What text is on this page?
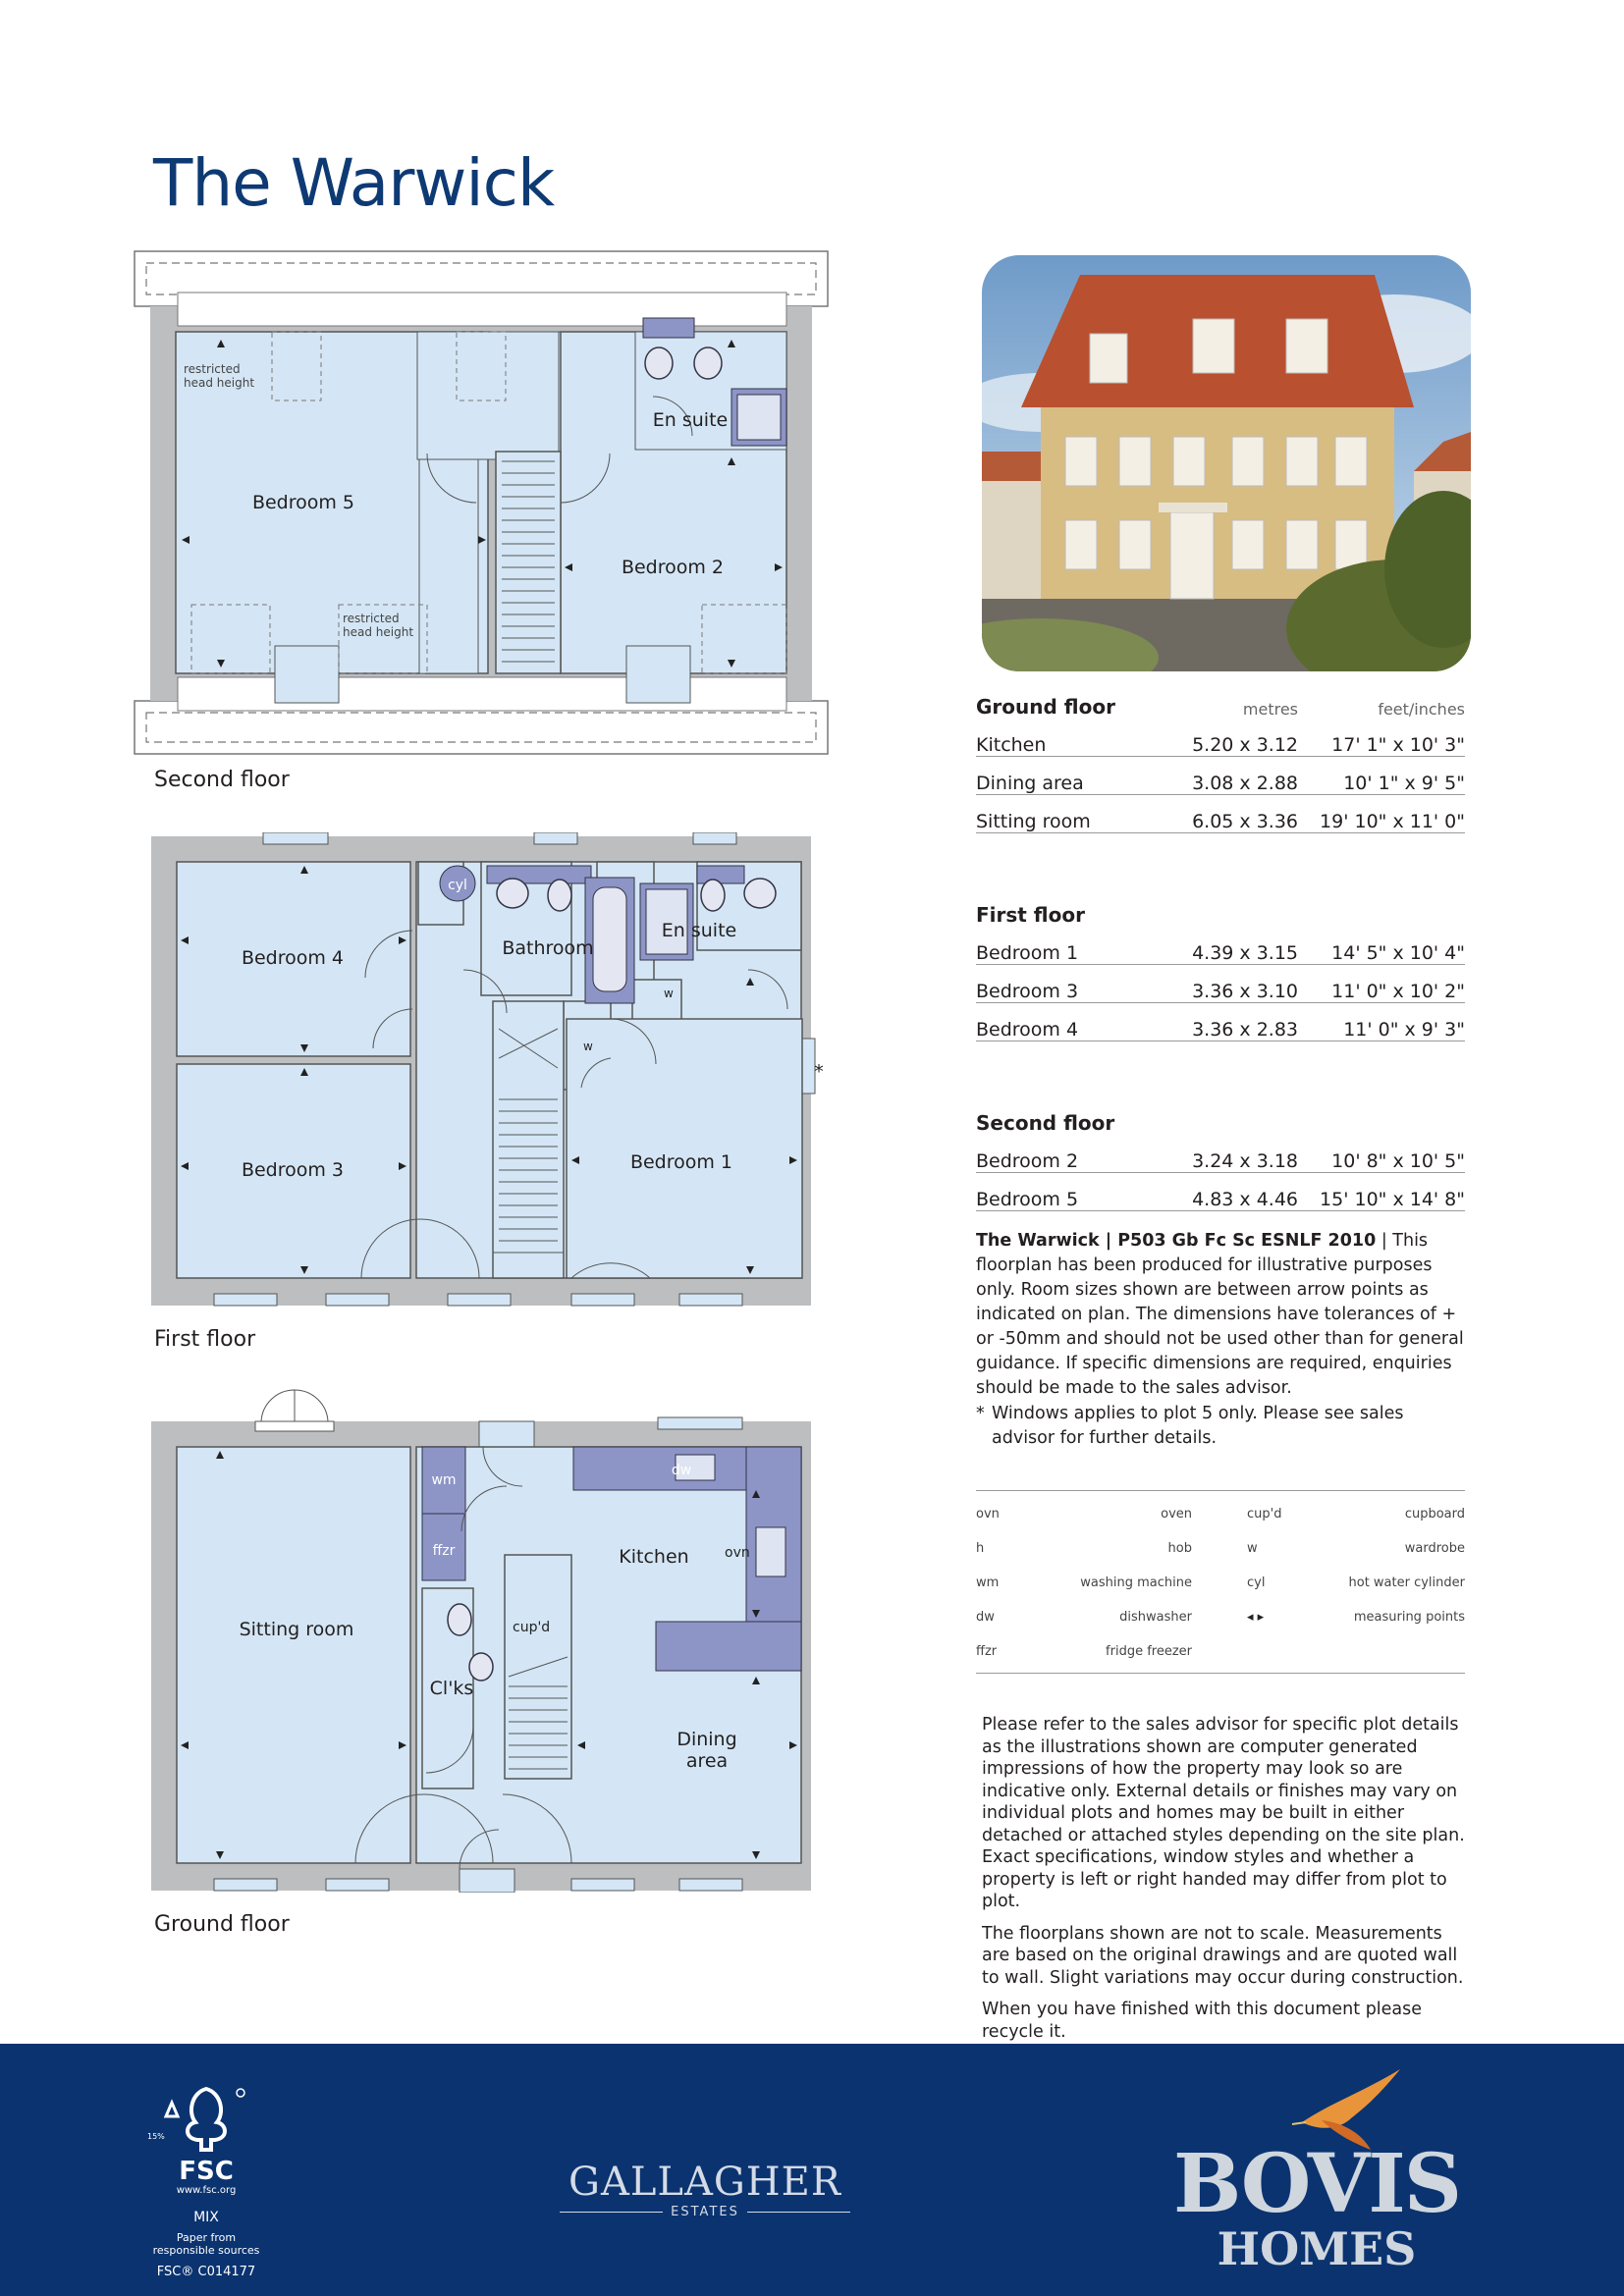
The Warwick
Bedroom 5
Bedroom 2
En suite
restricted
head height
restricted
head height
Second floor
Bedroom 4
Bedroom 3
Bathroom
En suite
Bedroom 1
cyl
w
w
*
First floor
Sitting room
Kitchen
Cl'ks
Dining
area
wm
ffzr
dw
ovn
cup'd
Ground floor
Ground floor	metres	feet/inches
Kitchen	5.20 x 3.12	17' 1" x 10' 3"
Dining area	3.08 x 2.88	10' 1" x 9' 5"
Sitting room	6.05 x 3.36	19' 10" x 11' 0"
First floor
Bedroom 1	4.39 x 3.15	14' 5" x 10' 4"
Bedroom 3	3.36 x 3.10	11' 0" x 10' 2"
Bedroom 4	3.36 x 2.83	11' 0" x 9' 3"
Second floor
Bedroom 2	3.24 x 3.18	10' 8" x 10' 5"
Bedroom 5	4.83 x 4.46	15' 10" x 14' 8"
The Warwick | P503 Gb Fc Sc ESNLF 2010 | This floorplan has been produced for illustrative purposes only. Room sizes shown are between arrow points as indicated on plan. The dimensions have tolerances of + or -50mm and should not be used other than for general guidance. If specific dimensions are required, enquiries should be made to the sales advisor.
* Windows applies to plot 5 only. Please see sales advisor for further details.
ovn	oven	cup'd	cupboard
h	hob	w	wardrobe
wm	washing machine	cyl	hot water cylinder
dw	dishwasher	◂ ▸	measuring points
ffzr	fridge freezer
Please refer to the sales advisor for specific plot details as the illustrations shown are computer generated impressions of how the property may look so are indicative only. External details or finishes may vary on individual plots and homes may be built in either detached or attached styles depending on the site plan. Exact specifications, window styles and whether a property is left or right handed may differ from plot to plot.
The floorplans shown are not to scale. Measurements are based on the original drawings and are quoted wall to wall. Slight variations may occur during construction.
When you have finished with this document please recycle it.
15%
FSC
www.fsc.org
MIX
Paper from
responsible sources
FSC® C014177
GALLAGHER
ESTATES	BOVIS
HOMES
